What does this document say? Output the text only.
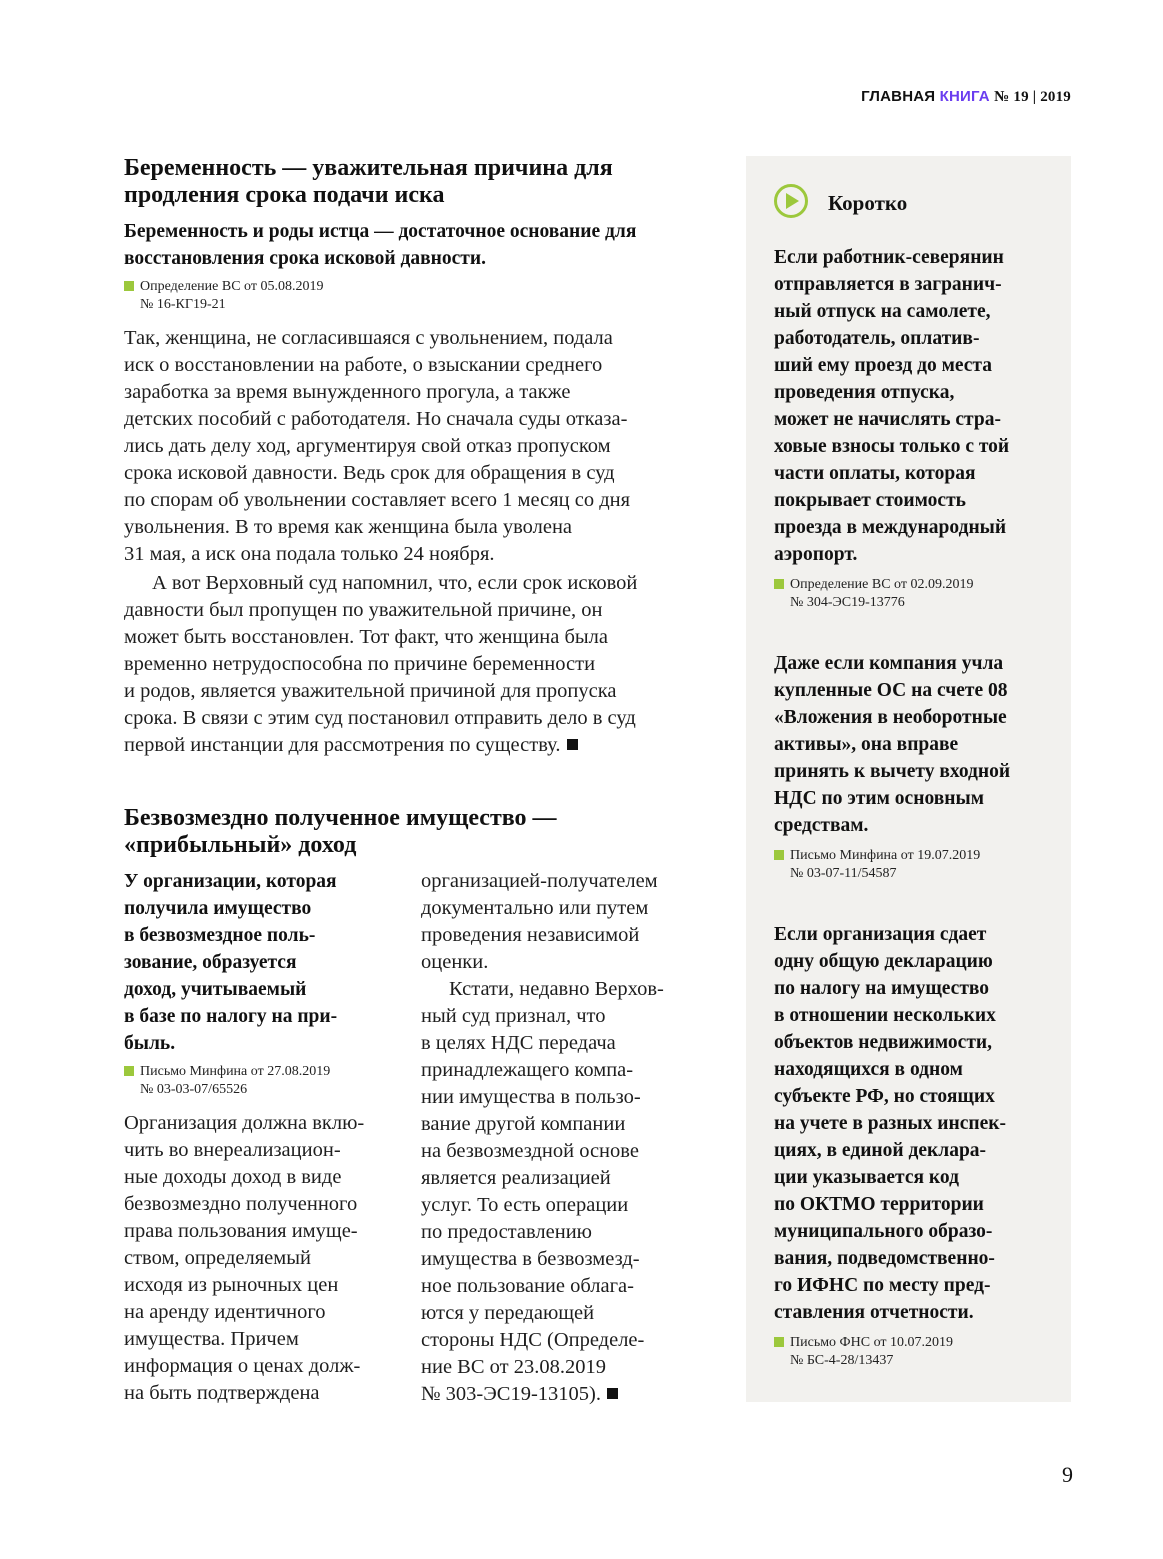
ГЛАВНАЯ КНИГА № 19 | 2019
Беременность — уважительная причина для продления срока подачи иска

Беременность и роды истца — достаточное основание для восстановления срока исковой давности.

Определение ВС от 05.08.2019
№ 16-КГ19-21

Так, женщина, не согласившаяся с увольнением, подала
иск о восстановлении на работе, о взыскании среднего
заработка за время вынужденного прогула, а также
детских пособий с работодателя. Но сначала суды отказа-
лись дать делу ход, аргументируя свой отказ пропуском
срока исковой давности. Ведь срок для обращения в суд
по спорам об увольнении составляет всего 1 месяц со дня
увольнения. В то время как женщина была уволена
31 мая, а иск она подала только 24 ноября.

А вот Верховный суд напомнил, что, если срок исковой
давности был пропущен по уважительной причине, он
может быть восстановлен. Тот факт, что женщина была
временно нетрудоспособна по причине беременности
и родов, является уважительной причиной для пропуска
срока. В связи с этим суд постановил отправить дело в суд
первой инстанции для рассмотрения по существу.

Безвозмездно полученное имущество — «прибыльный» доход

У организации, которая
получила имущество
в безвозмездное поль-
зование, образуется
доход, учитываемый
в базе по налогу на при-
быль.

Письмо Минфина от 27.08.2019
№ 03-03-07/65526

Организация должна вклю-
чить во внереализацион-
ные доходы доход в виде
безвозмездно полученного
права пользования имуще-
ством, определяемый
исходя из рыночных цен
на аренду идентичного
имущества. Причем
информация о ценах долж-
на быть подтверждена

организацией-получателем
документально или путем
проведения независимой
оценки.

Кстати, недавно Верхов-
ный суд признал, что
в целях НДС передача
принадлежащего компа-
нии имущества в пользо-
вание другой компании
на безвозмездной основе
является реализацией
услуг. То есть операции
по предоставлению
имущества в безвозмезд-
ное пользование облага-
ются у передающей
стороны НДС (Определе-
ние ВС от 23.08.2019
№ 303-ЭС19-13105).

Коротко

Если работник-северянин
отправляется в загранич-
ный отпуск на самолете,
работодатель, оплатив-
ший ему проезд до места
проведения отпуска,
может не начислять стра-
ховые взносы только с той
части оплаты, которая
покрывает стоимость
проезда в международный
аэропорт.

Определение ВС от 02.09.2019
№ 304-ЭС19-13776

Даже если компания учла
купленные ОС на счете 08
«Вложения в необоротные
активы», она вправе
принять к вычету входной
НДС по этим основным
средствам.

Письмо Минфина от 19.07.2019
№ 03-07-11/54587

Если организация сдает
одну общую декларацию
по налогу на имущество
в отношении нескольких
объектов недвижимости,
находящихся в одном
субъекте РФ, но стоящих
на учете в разных инспек-
циях, в единой деклара-
ции указывается код
по ОКТМО территории
муниципального образо-
вания, подведомственно-
го ИФНС по месту пред-
ставления отчетности.

Письмо ФНС от 10.07.2019
№ БС-4-28/13437
9
